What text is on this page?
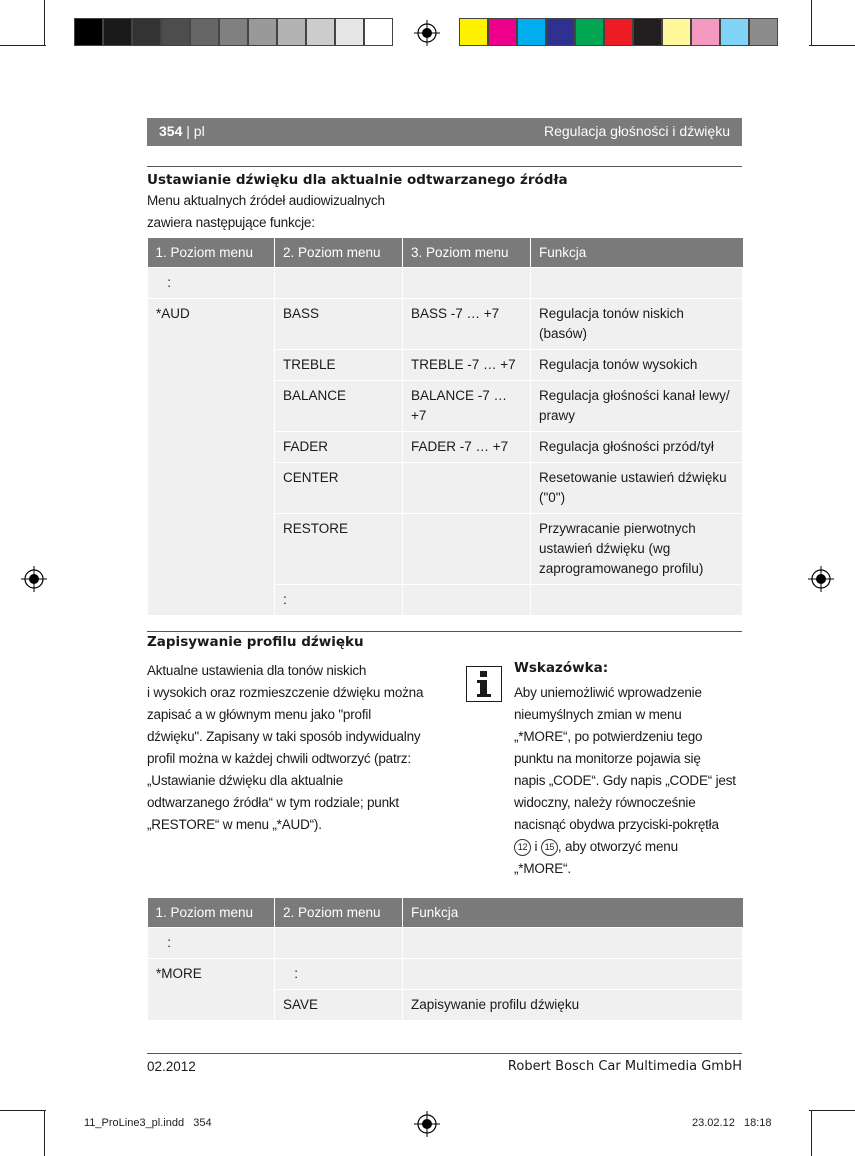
354 | pl	Regulacja głośności i dźwięku
Ustawianie dźwięku dla aktualnie odtwarzanego źródła
Menu aktualnych źródeł audiowizualnych
zawiera następujące funkcje:
1. Poziom menu	2. Poziom menu	3. Poziom menu	Funkcja
:			
*AUD	BASS	BASS -7 … +7	Regulacja tonów niskich (basów)
	TREBLE	TREBLE -7 … +7	Regulacja tonów wysokich
	BALANCE	BALANCE -7 … +7	Regulacja głośności kanał lewy/ prawy
	FADER	FADER -7 … +7	Regulacja głośności przód/tył
	CENTER		Resetowanie ustawień dźwięku ("0")
	RESTORE		Przywracanie pierwotnych ustawień dźwięku (wg zaprogramowanego profilu)
	:		
Zapisywanie profilu dźwięku
Aktualne ustawienia dla tonów niskich
i wysokich oraz rozmieszczenie dźwięku można
zapisać a w głównym menu jako "profil
dźwięku". Zapisany w taki sposób indywidualny
profil można w każdej chwili odtworzyć (patrz:
„Ustawianie dźwięku dla aktualnie
odtwarzanego źródła“ w tym rodziale; punkt
„RESTORE“ w menu „*AUD“).
Wskazówka:
Aby uniemożliwić wprowadzenie
nieumyślnych zmian w menu
„*MORE“, po potwierdzeniu tego
punktu na monitorze pojawia się
napis „CODE“. Gdy napis „CODE“ jest
widoczny, należy równocześnie
nacisnąć obydwa przyciski-pokrętła
12 i 15 , aby otworzyć menu
„*MORE“.
1. Poziom menu	2. Poziom menu	Funkcja
:		
*MORE	:	
	SAVE	Zapisywanie profilu dźwięku
02.2012	Robert Bosch Car Multimedia GmbH
11_ProLine3_pl.indd   354	23.02.12   18:18
